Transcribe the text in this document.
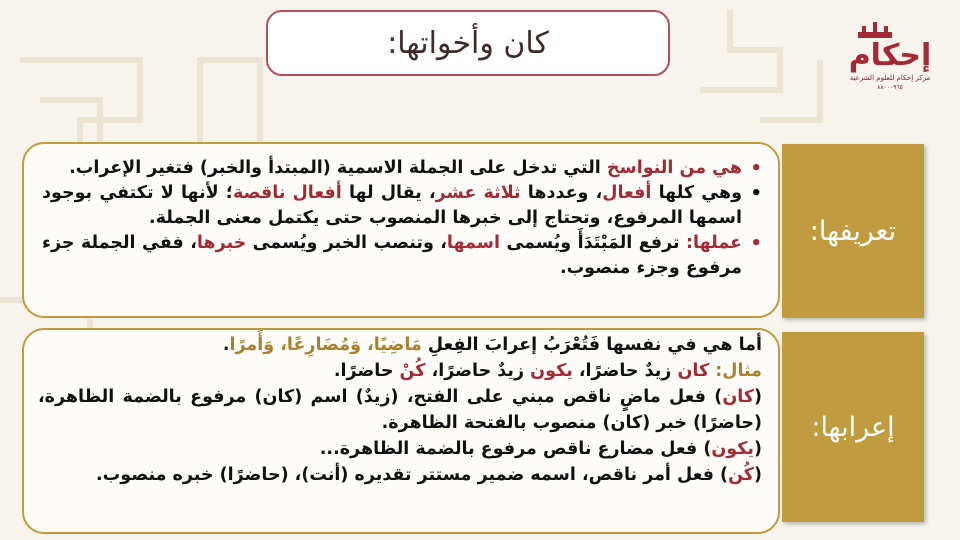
كان وأخواتها:	إحكام
مركز إحكام للعلوم الشرعية
٨٨٠٠٠٩٦٥
• هي من النواسخ التي تدخل على الجملة الاسمية (المبتدأ والخبر) فتغير الإعراب.
• وهي كلها أفعال، وعددها ثلاثة عشر، يقال لها أفعال ناقصة؛ لأنها لا تكتفي بوجود اسمها المرفوع، وتحتاج إلى خبرها المنصوب حتى يكتمل معنى الجملة.
• عملها: ترفع المَبْتَدَأَ ويُسمى اسمها، وتنصب الخبر ويُسمى خبرها، ففي الجملة جزء مرفوع وجزء منصوب.
تعريفها:

أما هي في نفسها فَتُعْرَبُ إعرابَ الفِعلِ مَاضِيًا، وَمُضَارِعًا، وَأَمرًا.

مثال: كان زيدٌ حاضرًا، يكون زيدٌ حاضرًا، كُنْ حاضرًا.

(كان) فعل ماضٍ ناقص مبني على الفتح، (زيدٌ) اسم (كان) مرفوع بالضمة الظاهرة، (حاضرًا) خبر (كان) منصوب بالفتحة الظاهرة.

(يكون) فعل مضارع ناقص مرفوع بالضمة الظاهرة...

(كُن) فعل أمر ناقص، اسمه ضمير مستتر تقديره (أنت)، (حاضرًا) خبره منصوب.

إعرابها:
